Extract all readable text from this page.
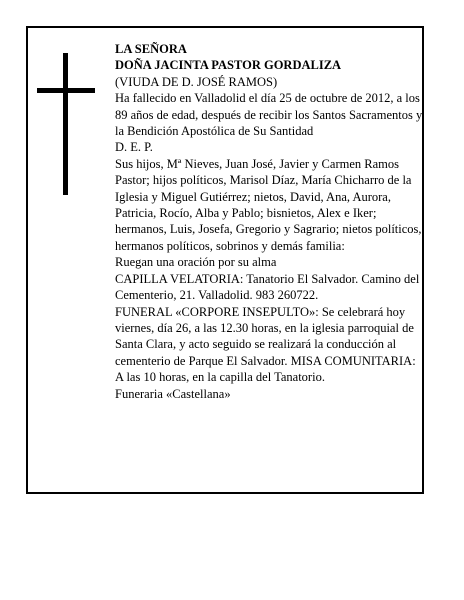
LA SEÑORA

DOÑA JACINTA PASTOR GORDALIZA

(VIUDA DE D. JOSÉ RAMOS)

Ha fallecido en Valladolid el día 25 de octubre de 2012, a los 89 años de edad, después de recibir los Santos Sacramentos y la Bendición Apostólica de Su Santidad

D. E. P.

Sus hijos, Mª Nieves, Juan José, Javier y Carmen Ramos Pastor; hijos políticos, Marisol Díaz, María Chicharro de la Iglesia y Miguel Gutiérrez; nietos, David, Ana, Aurora, Patricia, Rocío, Alba y Pablo; bisnietos, Alex e Iker; hermanos, Luis, Josefa, Gregorio y Sagrario; nietos políticos, hermanos políticos, sobrinos y demás familia:

Ruegan una oración por su alma

CAPILLA VELATORIA: Tanatorio El Salvador. Camino del Cementerio, 21. Valladolid. 983 260722.

FUNERAL «CORPORE INSEPULTO»: Se celebrará hoy viernes, día 26, a las 12.30 horas, en la iglesia parroquial de Santa Clara, y acto seguido se realizará la conducción al cementerio de Parque El Salvador. MISA COMUNITARIA: A las 10 horas, en la capilla del Tanatorio.

Funeraria «Castellana»
